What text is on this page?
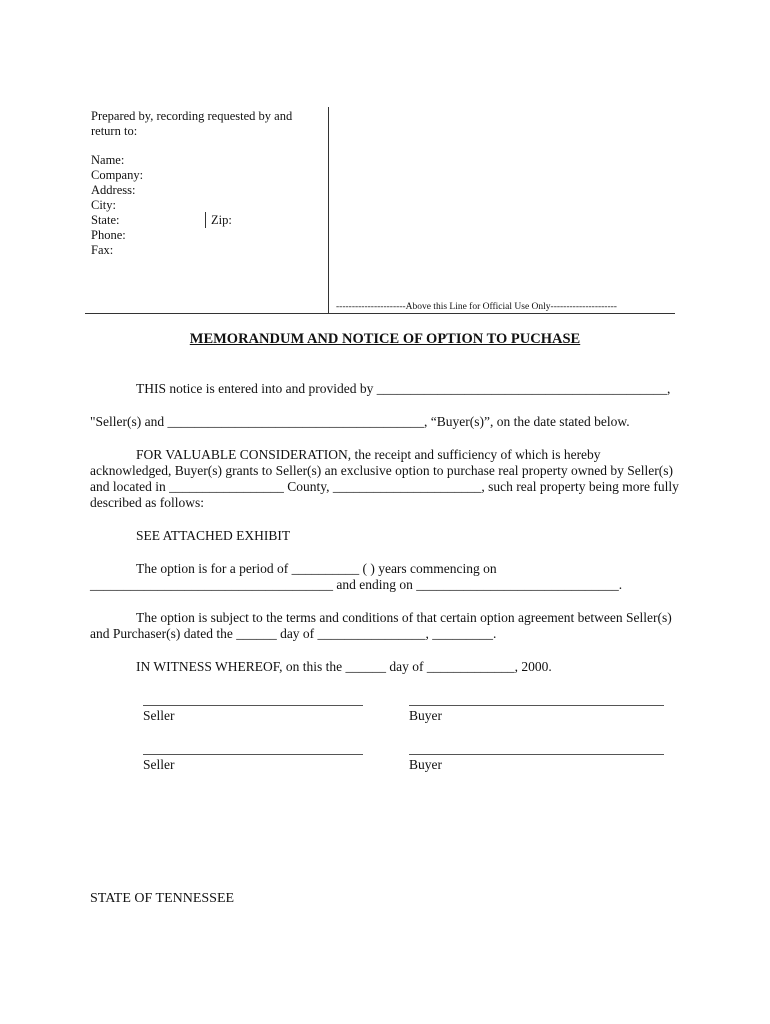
Prepared by, recording requested by and
return to:
Name:
Company:
Address:
City:
State:	Zip:
Phone:
Fax:
----------------------Above this Line for Official Use Only---------------------
MEMORANDUM AND NOTICE OF OPTION TO PUCHASE
THIS notice is entered into and provided by ___________________________________________,
"Seller(s) and ______________________________________, “Buyer(s)”, on the date stated below.
FOR VALUABLE CONSIDERATION, the receipt and sufficiency of which is hereby
acknowledged, Buyer(s) grants to Seller(s) an exclusive option to purchase real property owned by Seller(s)
and located in _________________ County, ______________________, such real property being more fully
described as follows:
SEE ATTACHED EXHIBIT
The option is for a period of __________ ( ) years commencing on
____________________________________ and ending on ______________________________.
The option is subject to the terms and conditions of that certain option agreement between Seller(s)
and Purchaser(s) dated the ______ day of ________________, _________.
IN WITNESS WHEREOF, on this the ______ day of _____________, 2000.
Seller	Buyer
Seller	Buyer
STATE OF TENNESSEE
